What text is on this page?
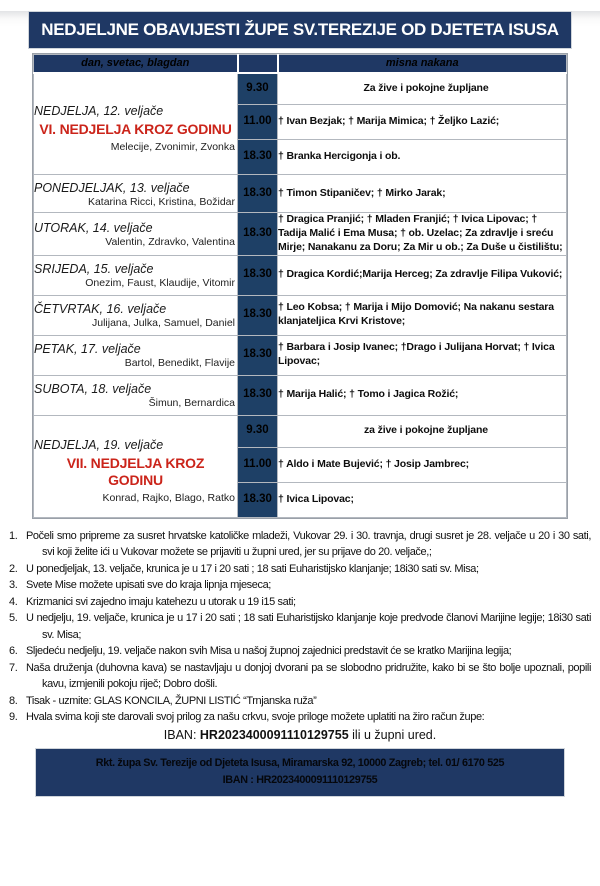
NEDJELJNE OBAVIJESTI ŽUPE SV.TEREZIJE OD DJETETA ISUSA
dan, svetac, blagdan		misna nakana

NEDJELJA, 12. veljače
VI. NEDJELJA KROZ GODINU
Melecije, Zvonimir, Zvonka	9.30	Za žive i pokojne župljane
	11.00	† Ivan Bezjak; † Marija Mimica; † Željko Lazić;
	18.30	† Branka Hercigonja i ob.

PONEDJELJAK, 13. veljače
Katarina Ricci, Kristina, Božidar	18.30	† Timon Stipaničev; † Mirko Jarak;

UTORAK, 14. veljače
Valentin, Zdravko, Valentina	18.30	† Dragica Pranjić; † Mladen Franjić; † Ivica Lipovac; † Tadija Malić i Ema Musa; † ob. Uzelac; Za zdravlje i sreću Mirje; Nanakanu za Doru; Za Mir u ob.; Za Duše u čistilištu;

SRIJEDA, 15. veljače
Onezim, Faust, Klaudije, Vitomir	18.30	† Dragica Kordić;Marija Herceg; Za zdravlje Filipa Vuković;

ČETVRTAK, 16. veljače
Julijana, Julka, Samuel, Daniel	18.30	† Leo Kobsa; † Marija i Mijo Domović; Na nakanu sestara klanjateljica Krvi Kristove;

PETAK, 17. veljače
Bartol, Benedikt, Flavije	18.30	† Barbara i Josip Ivanec; †Drago i Julijana Horvat; † Ivica Lipovac;

SUBOTA, 18. veljače
Šimun, Bernardica	18.30	† Marija Halić; † Tomo i Jagica Rožić;

NEDJELJA, 19. veljače
VII. NEDJELJA KROZ GODINU
Konrad, Rajko, Blago, Ratko	9.30	za žive i pokojne župljane
	11.00	† Aldo i Mate Bujević; † Josip Jambrec;
	18.30	† Ivica Lipovac;
1. Počeli smo pripreme za susret hrvatske katoličke mladeži, Vukovar 29. i 30. travnja, drugi susret je 28. veljače u 20 i 30 sati, svi koji želite ići u Vukovar možete se prijaviti u župni ured, jer su prijave do 20. veljače,;
2. U ponedjeljak, 13. veljače, krunica je u 17 i 20 sati ; 18 sati Euharistijsko klanjanje; 18i30 sati sv. Misa;
3. Svete Mise možete upisati sve do kraja lipnja mjeseca;
4. Krizmanici svi zajedno imaju katehezu u utorak u 19 i15 sati;
5. U nedjelju, 19. veljače, krunica je u 17 i 20 sati ; 18 sati Euharistijsko klanjanje koje predvode članovi Marijine legije; 18i30 sati sv. Misa;
6. Sljedeću nedjelju, 19. veljače nakon svih Misa u našoj župnoj zajednici predstavit će se kratko Marijina legija;
7. Naša druženja (duhovna kava) se nastavljaju u donjoj dvorani pa se slobodno pridružite, kako bi se što bolje upoznali, popili kavu, izmjenili pokoju riječ; Dobro došli.
8. Tisak - uzmite: GLAS KONCILA, ŽUPNI LISTIĆ “Trnjanska ruža”
9. Hvala svima koji ste darovali svoj prilog za našu crkvu, svoje priloge možete uplatiti na žiro račun župe:
IBAN: HR2023400091110129755 ili u župni ured.
Rkt. župa Sv. Terezije od Djeteta Isusa, Miramarska 92, 10000 Zagreb; tel. 01/ 6170 525
IBAN : HR2023400091110129755
